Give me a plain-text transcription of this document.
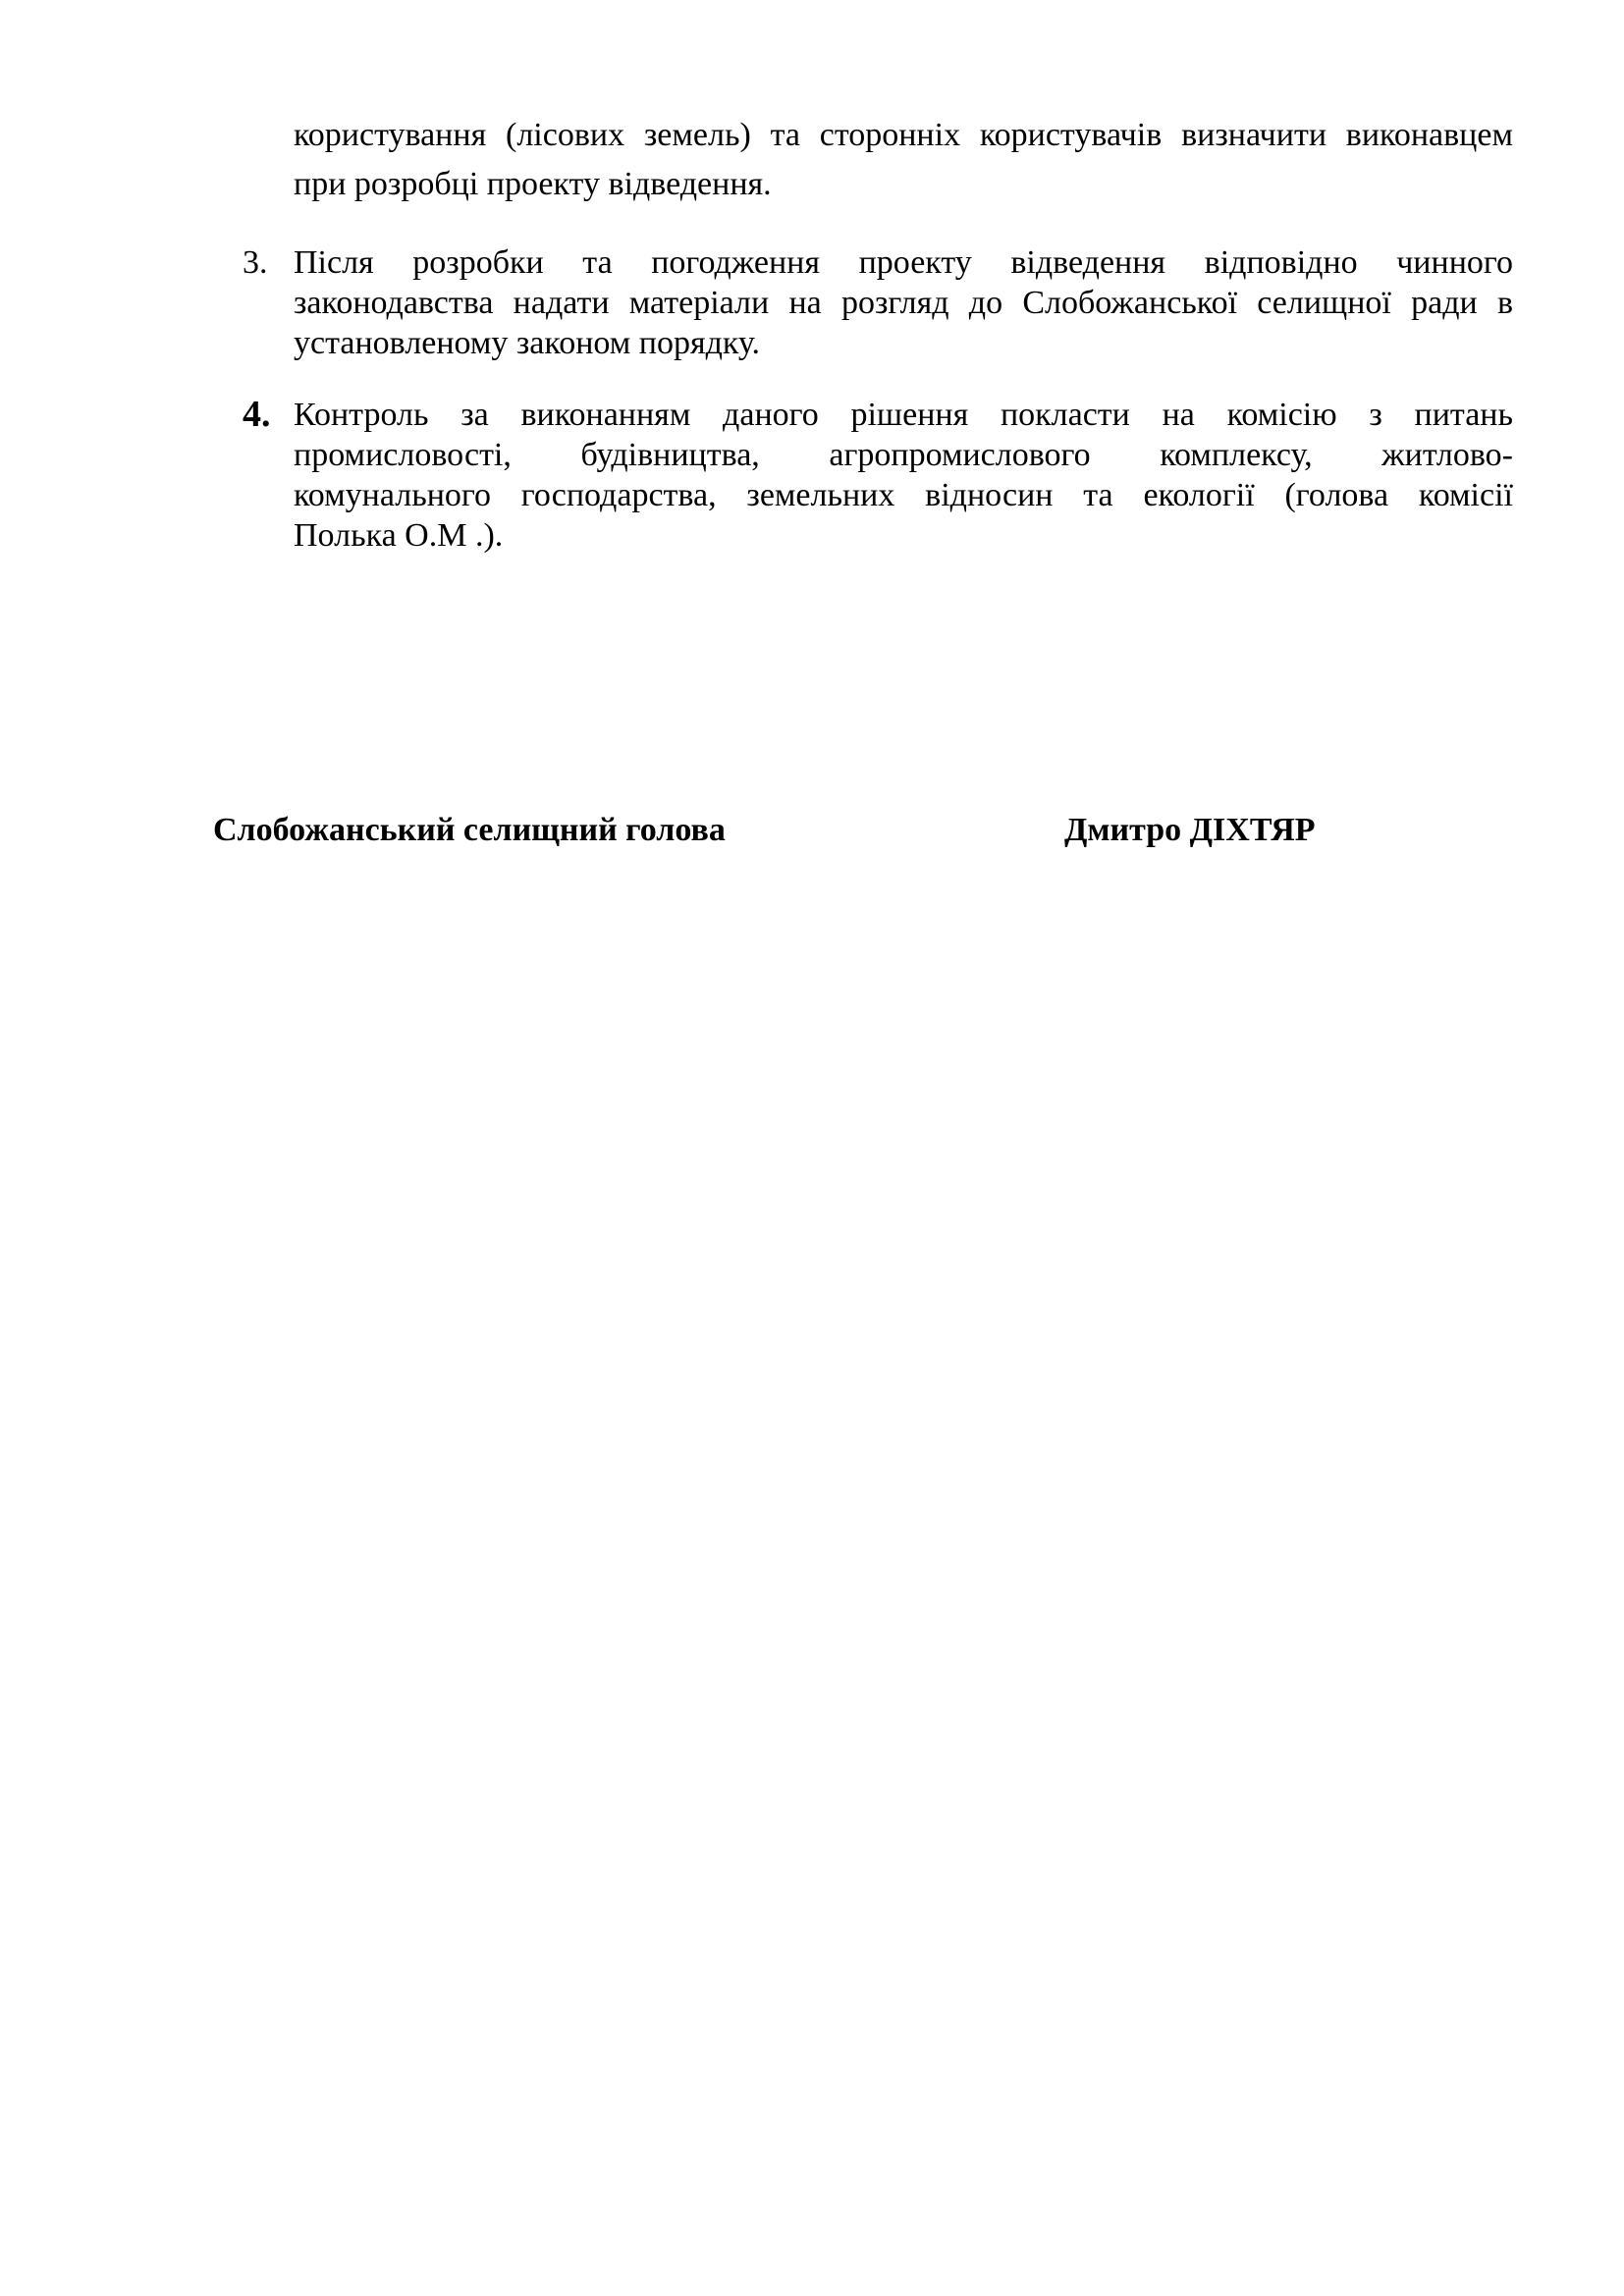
користування (лісових земель) та сторонніх користувачів визначити виконавцем

при розробці проекту відведення.

3. Після розробки та погодження проекту відведення відповідно чинного

законодавства надати матеріали на розгляд до Слобожанської селищної ради в

установленому законом порядку.

4. Контроль за виконанням даного рішення покласти на комісію з питань

промисловості, будівництва, агропромислового комплексу, житлово-

комунального господарства, земельних відносин та екології (голова комісії

Полька О.М .).

Слобожанський селищний голова	Дмитро ДІХТЯР
